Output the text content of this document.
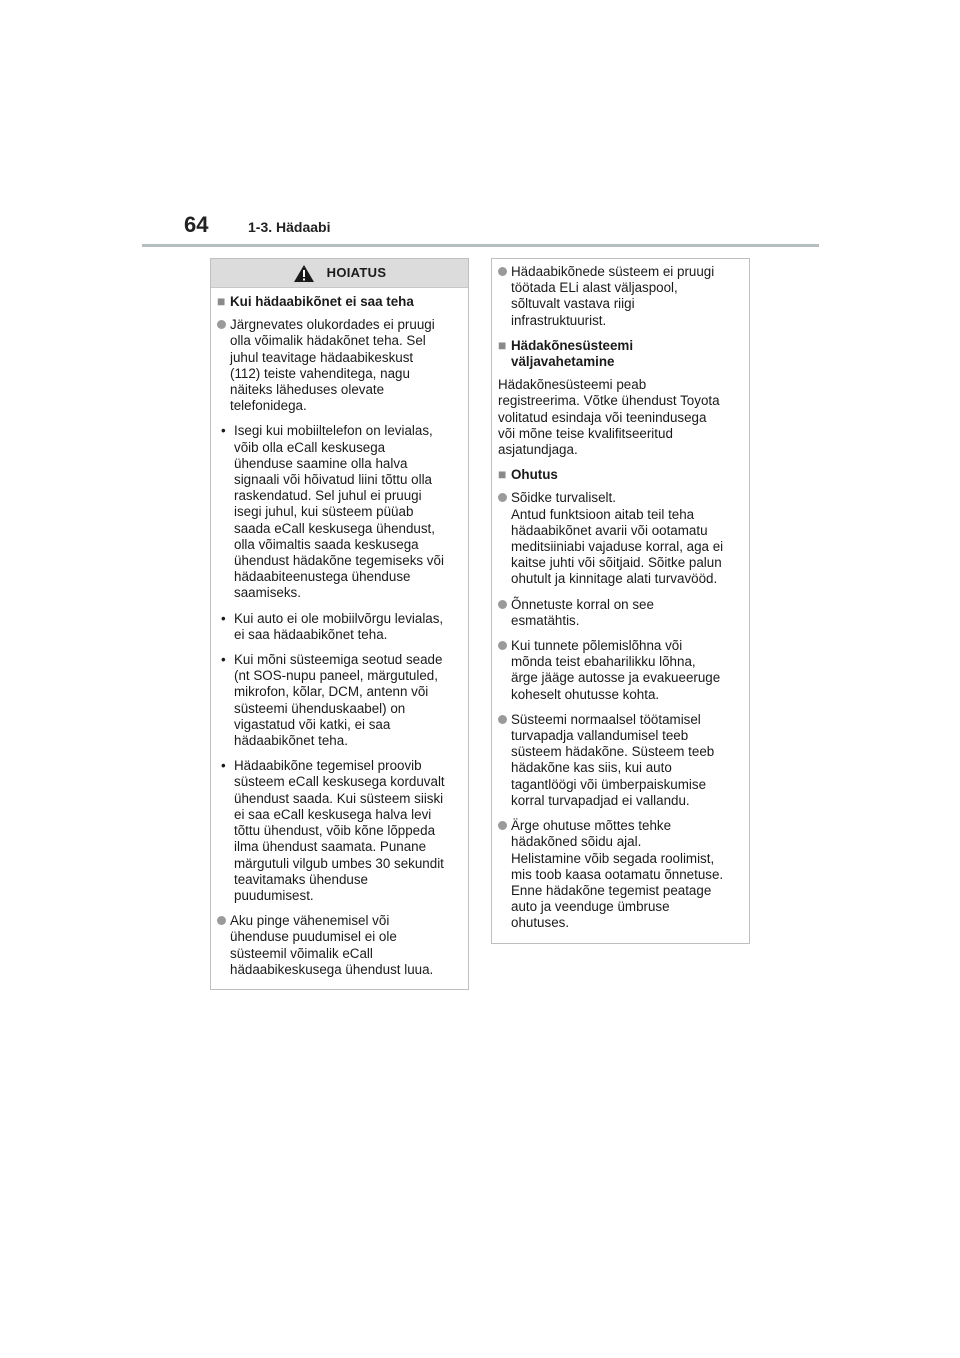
64	1-3. Hädaabi
HOIATUS
■ Kui hädaabikõnet ei saa teha
Järgnevates olukordades ei pruugi
olla võimalik hädakõnet teha. Sel
juhul teavitage hädaabikeskust
(112) teiste vahenditega, nagu
näiteks läheduses olevate
telefonidega.
• Isegi kui mobiiltelefon on levialas,
võib olla eCall keskusega
ühenduse saamine olla halva
signaali või hõivatud liini tõttu olla
raskendatud. Sel juhul ei pruugi
isegi juhul, kui süsteem püüab
saada eCall keskusega ühendust,
olla võimaltis saada keskusega
ühendust hädakõne tegemiseks või
hädaabiteenustega ühenduse
saamiseks.
• Kui auto ei ole mobiilvõrgu levialas,
ei saa hädaabikõnet teha.
• Kui mõni süsteemiga seotud seade
(nt SOS-nupu paneel, märgutuled,
mikrofon, kõlar, DCM, antenn või
süsteemi ühenduskaabel) on
vigastatud või katki, ei saa
hädaabikõnet teha.
• Hädaabikõne tegemisel proovib
süsteem eCall keskusega korduvalt
ühendust saada. Kui süsteem siiski
ei saa eCall keskusega halva levi
tõttu ühendust, võib kõne lõppeda
ilma ühendust saamata. Punane
märgutuli vilgub umbes 30 sekundit
teavitamaks ühenduse
puudumisest.
Aku pinge vähenemisel või
ühenduse puudumisel ei ole
süsteemil võimalik eCall
hädaabikeskusega ühendust luua.
Hädaabikõnede süsteem ei pruugi
töötada ELi alast väljaspool,
sõltuvalt vastava riigi
infrastruktuurist.
■ Hädakõnesüsteemi
väljavahetamine
Hädakõnesüsteemi peab
registreerima. Võtke ühendust Toyota
volitatud esindaja või teenindusega
või mõne teise kvalifitseeritud
asjatundjaga.
■ Ohutus
Sõidke turvaliselt.
Antud funktsioon aitab teil teha
hädaabikõnet avarii või ootamatu
meditsiiniabi vajaduse korral, aga ei
kaitse juhti või sõitjaid. Sõitke palun
ohutult ja kinnitage alati turvavööd.
Õnnetuste korral on see
esmatähtis.
Kui tunnete põlemislõhna või
mõnda teist ebaharilikku lõhna,
ärge jääge autosse ja evakueeruge
koheselt ohutusse kohta.
Süsteemi normaalsel töötamisel
turvapadja vallandumisel teeb
süsteem hädakõne. Süsteem teeb
hädakõne kas siis, kui auto
tagantlöögi või ümberpaiskumise
korral turvapadjad ei vallandu.
Ärge ohutuse mõttes tehke
hädakõned sõidu ajal.
Helistamine võib segada roolimist,
mis toob kaasa ootamatu õnnetuse.
Enne hädakõne tegemist peatage
auto ja veenduge ümbruse
ohutuses.
